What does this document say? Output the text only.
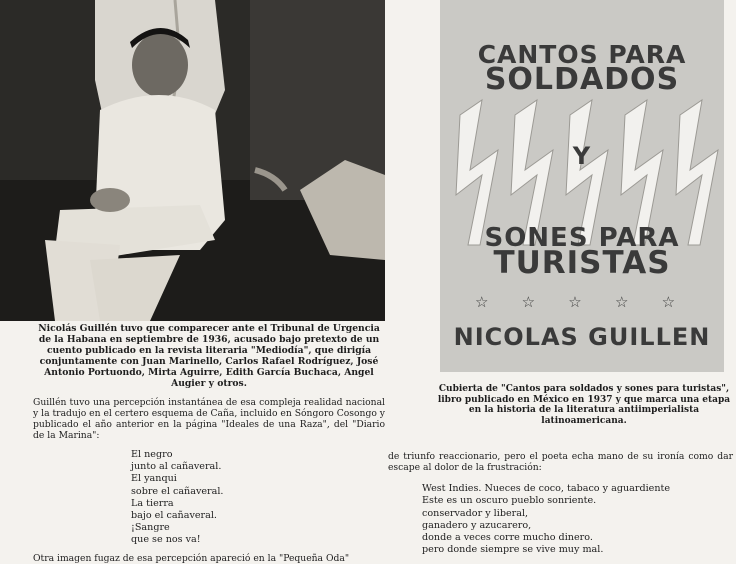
Nicolás Guillén tuvo que comparecer ante el Tribunal de Urgencia de la Habana en septiembre de 1936, acusado bajo pretexto de un cuento publicado en la revista literaria "Mediodía", que dirigía conjuntamente con Juan Marinello, Carlos Rafael Rodríguez, José Antonio Portuondo, Mirta Aguirre, Edith García Buchaca, Angel Augier y otros.

Guillén tuvo una percepción instantánea de esa compleja realidad nacional y la tradujo en el certero esquema de Caña, incluido en Sóngoro Cosongo y publicado el año anterior en la página "Ideales de una Raza", del "Diario de la Marina":

El negro
junto al cañaveral.
El yanqui
sobre el cañaveral.
La tierra
bajo el cañaveral.
¡Sangre
que se nos va!

Otra imagen fugaz de esa percepción apareció en la "Pequeña Oda"

CANTOS PARA

SOLDADOS

Y

SONES PARA

TURISTAS

☆ ☆ ☆ ☆ ☆

NICOLAS GUILLEN

Cubierta de "Cantos para soldados y sones para turistas", libro publicado en México en 1937 y que marca una etapa en la historia de la literatura antiimperialista latinoamericana.

de triunfo reaccionario, pero el poeta echa mano de su ironía como dar escape al dolor de la frustración:

West Indies. Nueces de coco, tabaco y aguardiente
Este es un oscuro pueblo sonriente.
conservador y liberal,
ganadero y azucarero,
donde a veces corre mucho dinero.
pero donde siempre se vive muy mal.
